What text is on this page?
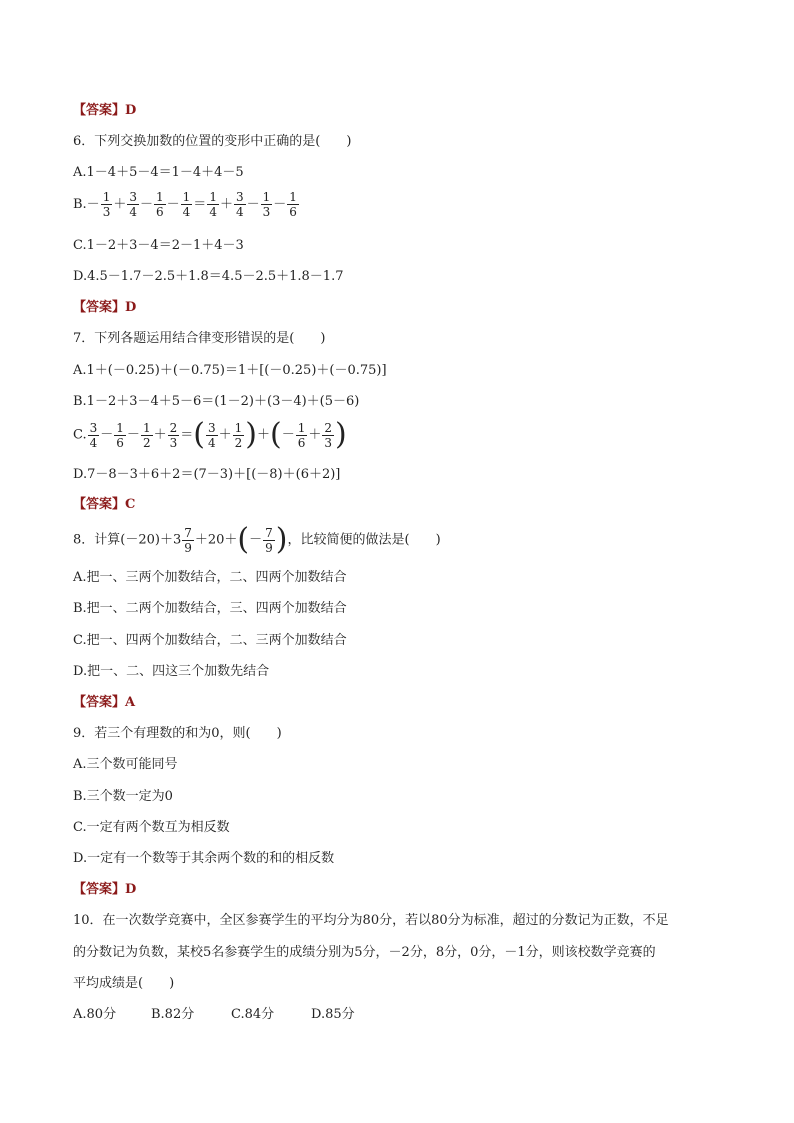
【答案】D
6．下列交换加数的位置的变形中正确的是(　　)
A.1－4＋5－4＝1－4＋4－5
$B.- \frac{1}{3} + \frac{3}{4} - \frac{1}{6} - \frac{1}{4} = \frac{1}{4} + \frac{3}{4} - \frac{1}{3} - \frac{1}{6}$
C.1－2＋3－4＝2－1＋4－3
D.4.5－1.7－2.5＋1.8＝4.5－2.5＋1.8－1.7
【答案】D
7．下列各题运用结合律变形错误的是(　　)
A.1＋(－0.25)＋(－0.75)＝1＋[(－0.25)＋(－0.75)]
B.1－2＋3－4＋5－6＝(1－2)＋(3－4)＋(5－6)
C. $\frac{3}{4} - \frac{1}{6} - \frac{1}{2} + \frac{2}{3}$ ＝( $\frac{3}{4} + \frac{1}{2}$ )＋(－ $\frac{1}{6} + \frac{2}{3}$ )
D.7－8－3＋6＋2＝(7－3)＋[(－8)＋(6＋2)]
【答案】C
8．计算$(-20)+3 \frac{7}{9} +20+(- \frac{7}{9}$ )，比较简便的做法是(　　)
A.把一、三两个加数结合，二、四两个加数结合
B.把一、二两个加数结合，三、四两个加数结合
C.把一、四两个加数结合，二、三两个加数结合
D.把一、二、四这三个加数先结合
【答案】A
9．若三个有理数的和为0，则(　　)
A.三个数可能同号
B.三个数一定为0
C.一定有两个数互为相反数
D.一定有一个数等于其余两个数的和的相反数
【答案】D
10．在一次数学竞赛中，全区参赛学生的平均分为80分，若以80分为标准，超过的分数记为正数，不足
的分数记为负数，某校5名参赛学生的成绩分别为5分，－2分，8分，0分，－1分，则该校数学竞赛的
平均成绩是(　　)
A.80分	B.82分	C.84分	D.85分
